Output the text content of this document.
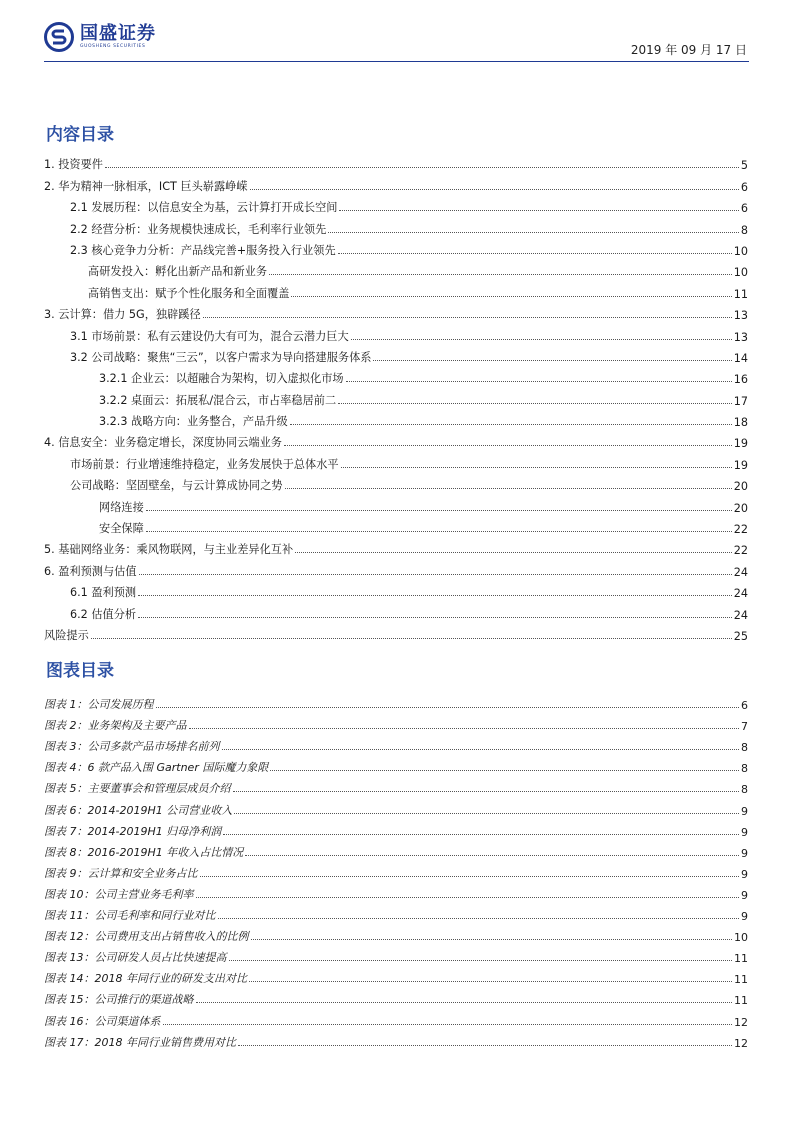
国盛证券
GUOSHENG SECURITIES	2019 年 09 月 17 日
内容目录
1. 投资要件	5
2. 华为精神一脉相承，ICT 巨头崭露峥嵘	6
2.1 发展历程：以信息安全为基，云计算打开成长空间	6
2.2 经营分析：业务规模快速成长，毛利率行业领先	8
2.3 核心竞争力分析：产品线完善+服务投入行业领先	10
高研发投入：孵化出新产品和新业务	10
高销售支出：赋予个性化服务和全面覆盖	11
3. 云计算：借力 5G，独辟蹊径	13
3.1 市场前景：私有云建设仍大有可为，混合云潜力巨大	13
3.2 公司战略：聚焦“三云”，以客户需求为导向搭建服务体系	14
3.2.1 企业云：以超融合为架构，切入虚拟化市场	16
3.2.2 桌面云：拓展私/混合云，市占率稳居前二	17
3.2.3 战略方向：业务整合，产品升级	18
4. 信息安全：业务稳定增长，深度协同云端业务	19
市场前景：行业增速维持稳定，业务发展快于总体水平	19
公司战略：坚固壁垒，与云计算成协同之势	20
网络连接	20
安全保障	22
5. 基础网络业务：乘风物联网，与主业差异化互补	22
6. 盈利预测与估值	24
6.1 盈利预测	24
6.2 估值分析	24
风险提示	25
图表目录
图表 1：公司发展历程	6
图表 2：业务架构及主要产品	7
图表 3：公司多款产品市场排名前列	8
图表 4：6 款产品入围 Gartner 国际魔力象限	8
图表 5：主要董事会和管理层成员介绍	8
图表 6：2014-2019H1 公司营业收入	9
图表 7：2014-2019H1 归母净利润	9
图表 8：2016-2019H1 年收入占比情况	9
图表 9：云计算和安全业务占比	9
图表 10：公司主营业务毛利率	9
图表 11：公司毛利率和同行业对比	9
图表 12：公司费用支出占销售收入的比例	10
图表 13：公司研发人员占比快速提高	11
图表 14：2018 年同行业的研发支出对比	11
图表 15：公司推行的渠道战略	11
图表 16：公司渠道体系	12
图表 17：2018 年同行业销售费用对比	12
